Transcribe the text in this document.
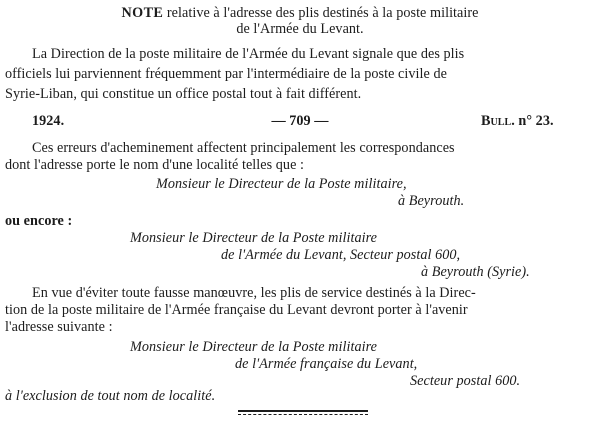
NOTE relative à l'adresse des plis destinés à la poste militaire
de l'Armée du Levant.
La Direction de la poste militaire de l'Armée du Levant signale que des plis
officiels lui parviennent fréquemment par l'intermédiaire de la poste civile de
Syrie-Liban, qui constitue un office postal tout à fait différent.
1924.	— 709 —	Bull. n° 23.
Ces erreurs d'acheminement affectent principalement les correspondances
dont l'adresse porte le nom d'une localité telles que :
Monsieur le Directeur de la Poste militaire,
à Beyrouth.
ou encore :
Monsieur le Directeur de la Poste militaire
de l'Armée du Levant, Secteur postal 600,
à Beyrouth (Syrie).
En vue d'éviter toute fausse manœuvre, les plis de service destinés à la Direc-
tion de la poste militaire de l'Armée française du Levant devront porter à l'avenir
l'adresse suivante :
Monsieur le Directeur de la Poste militaire
de l'Armée française du Levant,
Secteur postal 600.
à l'exclusion de tout nom de localité.
